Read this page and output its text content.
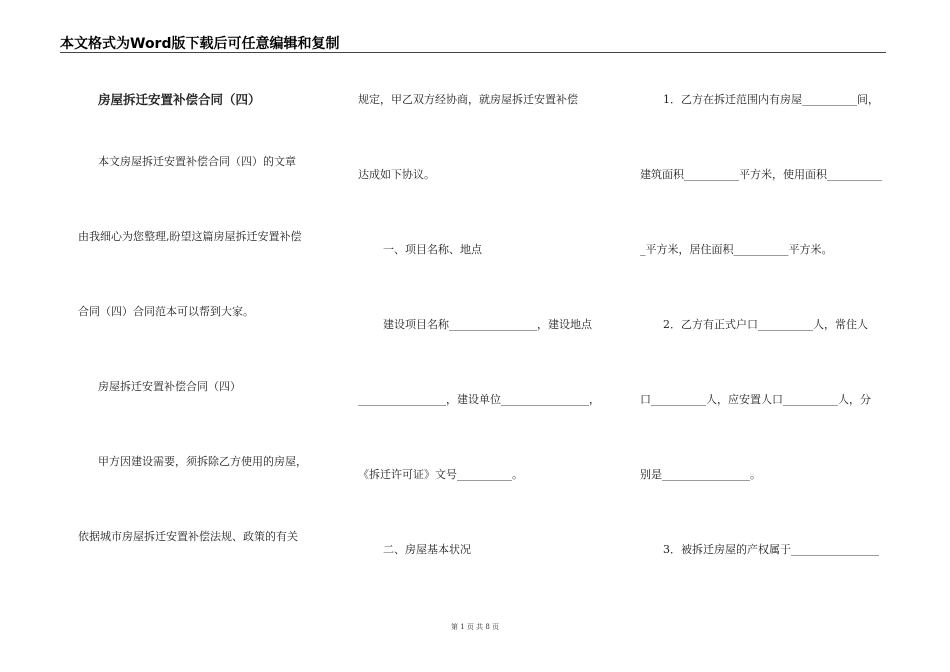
本文格式为Word版下载后可任意编辑和复制
房屋拆迁安置补偿合同（四）
本文房屋拆迁安置补偿合同（四）的文章
由我细心为您整理,盼望这篇房屋拆迁安置补偿
合同（四）合同范本可以帮到大家。
房屋拆迁安置补偿合同（四）
甲方因建设需要，须拆除乙方使用的房屋，
依据城市房屋拆迁安置补偿法规、政策的有关
规定，甲乙双方经协商，就房屋拆迁安置补偿
达成如下协议。
一、项目名称、地点
建设项目名称________________，建设地点
________________，建设单位________________，
《拆迁许可证》文号__________。
二、房屋基本状况
1．乙方在拆迁范围内有房屋__________间，
建筑面积__________平方米，使用面积__________
_平方米，居住面积__________平方米。
2．乙方有正式户口__________人，常住人
口__________人，应安置人口__________人，分
别是________________。
3．被拆迁房屋的产权属于________________
第 1 页 共 8 页
